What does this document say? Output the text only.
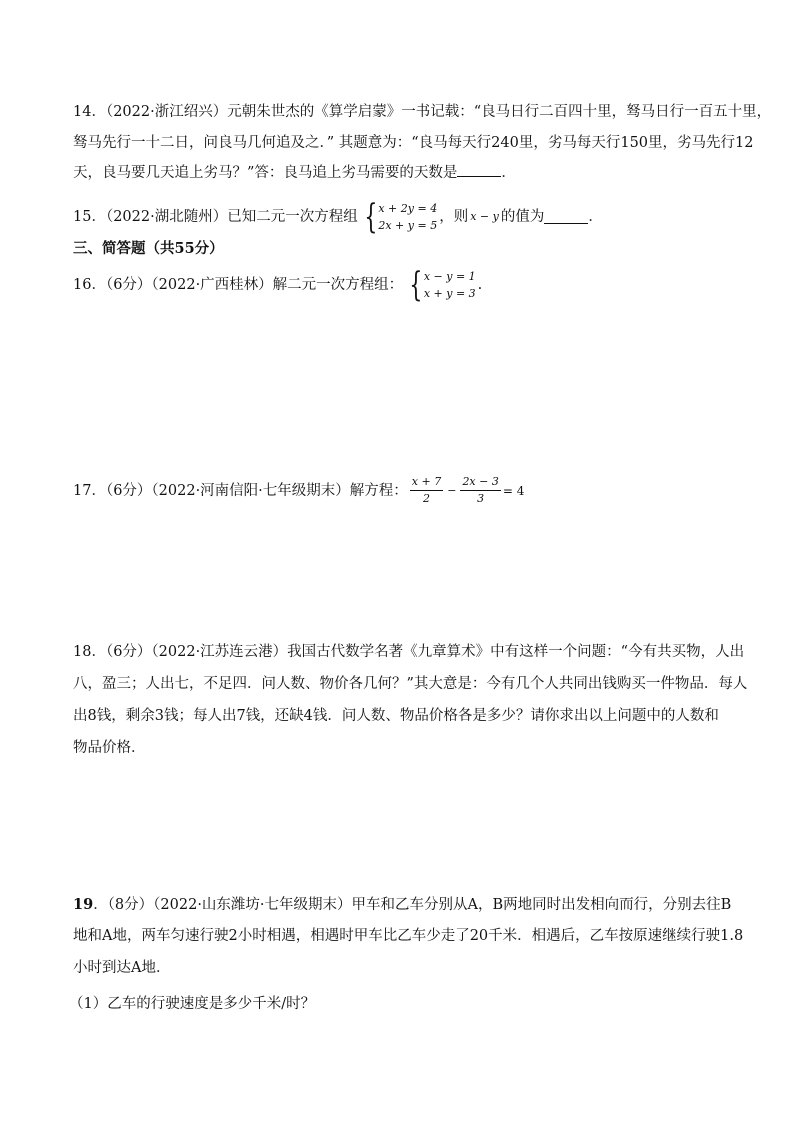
14．（2022·浙江绍兴）元朝朱世杰的《算学启蒙》一书记载：“良马日行二百四十里，驽马日行一百五十里，
驽马先行一十二日，问良马几何追及之．” 其题意为：“良马每天行240里，劣马每天行150里，劣马先行12
天，良马要几天追上劣马？”答：良马追上劣马需要的天数是	．
15．（2022·湖北随州）已知二元一次方程组 { x + 2y = 4
2x + y = 5
，则 x − y 的值为	．
三、简答题（共55分）
16．（6分）（2022·广西桂林）解二元一次方程组： { x − y = 1
x + y = 3
.
17．（6分）（2022·河南信阳·七年级期末）解方程： $\frac{x + 7}{2} - \frac{2x - 3}{3} = 4$
18．（6分）（2022·江苏连云港）我国古代数学名著《九章算术》中有这样一个问题：“今有共买物，人出
八，盈三；人出七，不足四．问人数、物价各几何？”其大意是：今有几个人共同出钱购买一件物品．每人
出8钱，剩余3钱；每人出7钱，还缺4钱．问人数、物品价格各是多少？请你求出以上问题中的人数和
物品价格．
19．（8分）（2022·山东潍坊·七年级期末）甲车和乙车分别从A，B两地同时出发相向而行，分别去往B
地和A地，两车匀速行驶2小时相遇，相遇时甲车比乙车少走了20千米．相遇后，乙车按原速继续行驶1.8
小时到达A地．
（1）乙车的行驶速度是多少千米/时？
